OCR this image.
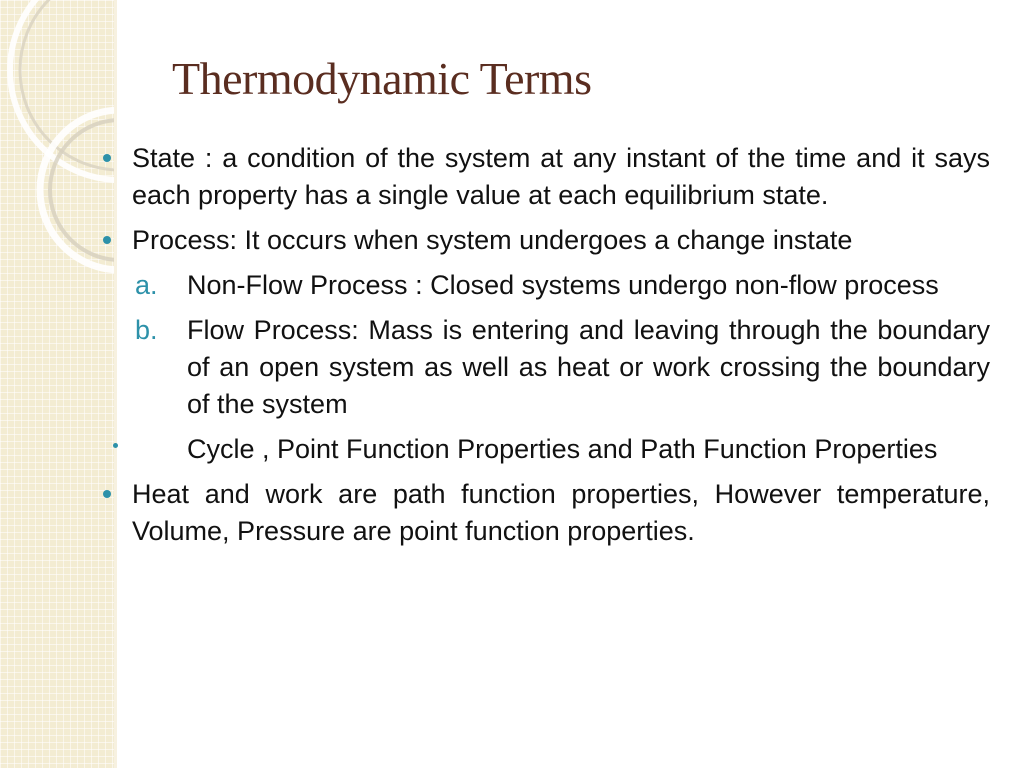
Thermodynamic Terms
State : a condition of the system at any instant of the time and it says each property has a single value at each equilibrium state.
Process: It occurs when system undergoes a change instate
a. Non-Flow Process : Closed systems undergo non-flow process
b. Flow Process: Mass is entering and leaving through the boundary of an open system as well as heat or work crossing the boundary of the system
Cycle , Point Function Properties and Path Function Properties
Heat and work are path function properties, However temperature, Volume, Pressure are point function properties.
